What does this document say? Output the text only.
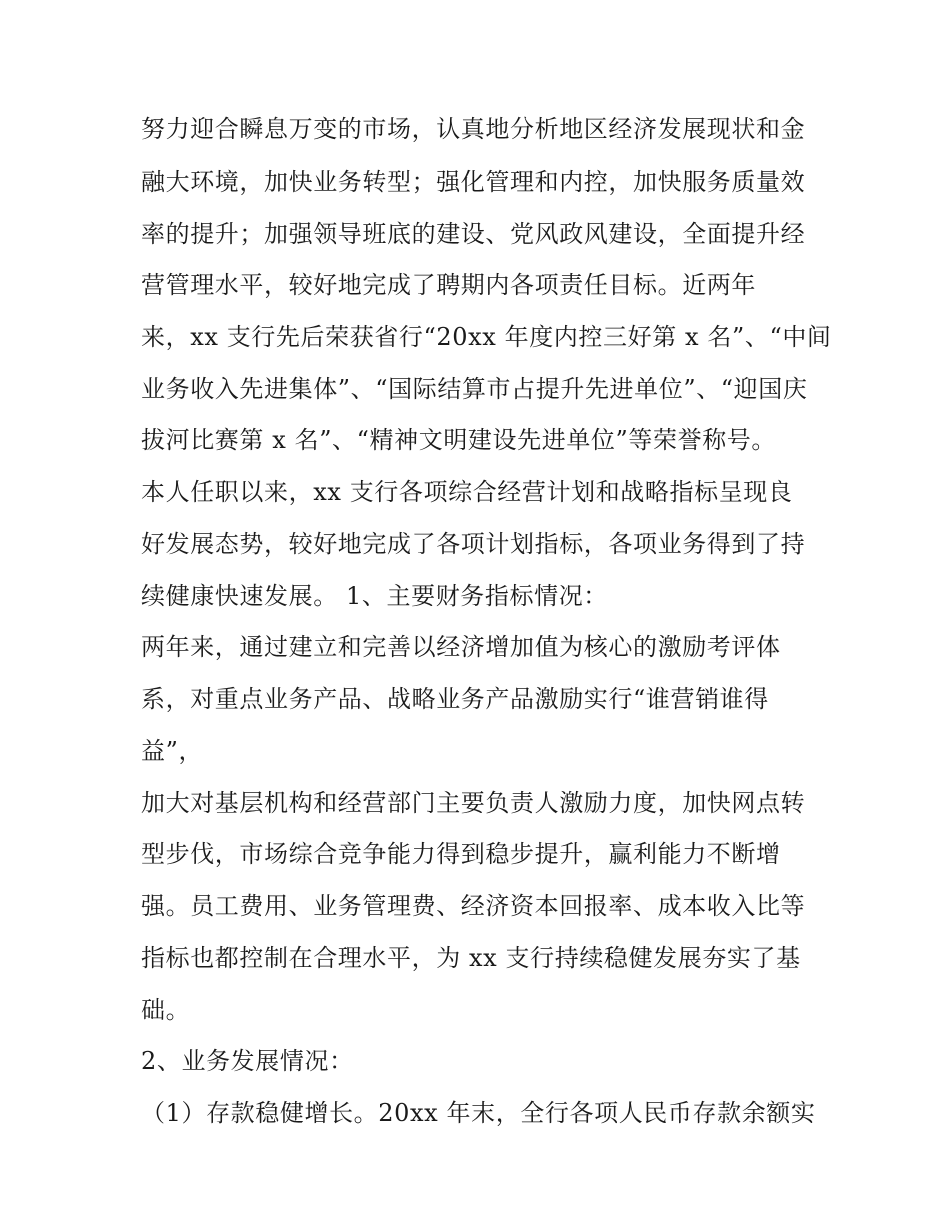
努力迎合瞬息万变的市场，认真地分析地区经济发展现状和金

融大环境，加快业务转型；强化管理和内控，加快服务质量效

率的提升；加强领导班底的建设、党风政风建设，全面提升经

营管理水平，较好地完成了聘期内各项责任目标。近两年

来，xx 支行先后荣获省行“20xx 年度内控三好第 x 名”、“中间

业务收入先进集体”、“国际结算市占提升先进单位”、“迎国庆

拔河比赛第 x 名”、“精神文明建设先进单位”等荣誉称号。

本人任职以来，xx 支行各项综合经营计划和战略指标呈现良

好发展态势，较好地完成了各项计划指标，各项业务得到了持

续健康快速发展。 1、主要财务指标情况：

两年来，通过建立和完善以经济增加值为核心的激励考评体

系，对重点业务产品、战略业务产品激励实行“谁营销谁得

益”，

加大对基层机构和经营部门主要负责人激励力度，加快网点转

型步伐，市场综合竞争能力得到稳步提升，赢利能力不断增

强。员工费用、业务管理费、经济资本回报率、成本收入比等

指标也都控制在合理水平，为 xx 支行持续稳健发展夯实了基

础。

2、业务发展情况：

（1）存款稳健增长。20xx 年末，全行各项人民币存款余额实
